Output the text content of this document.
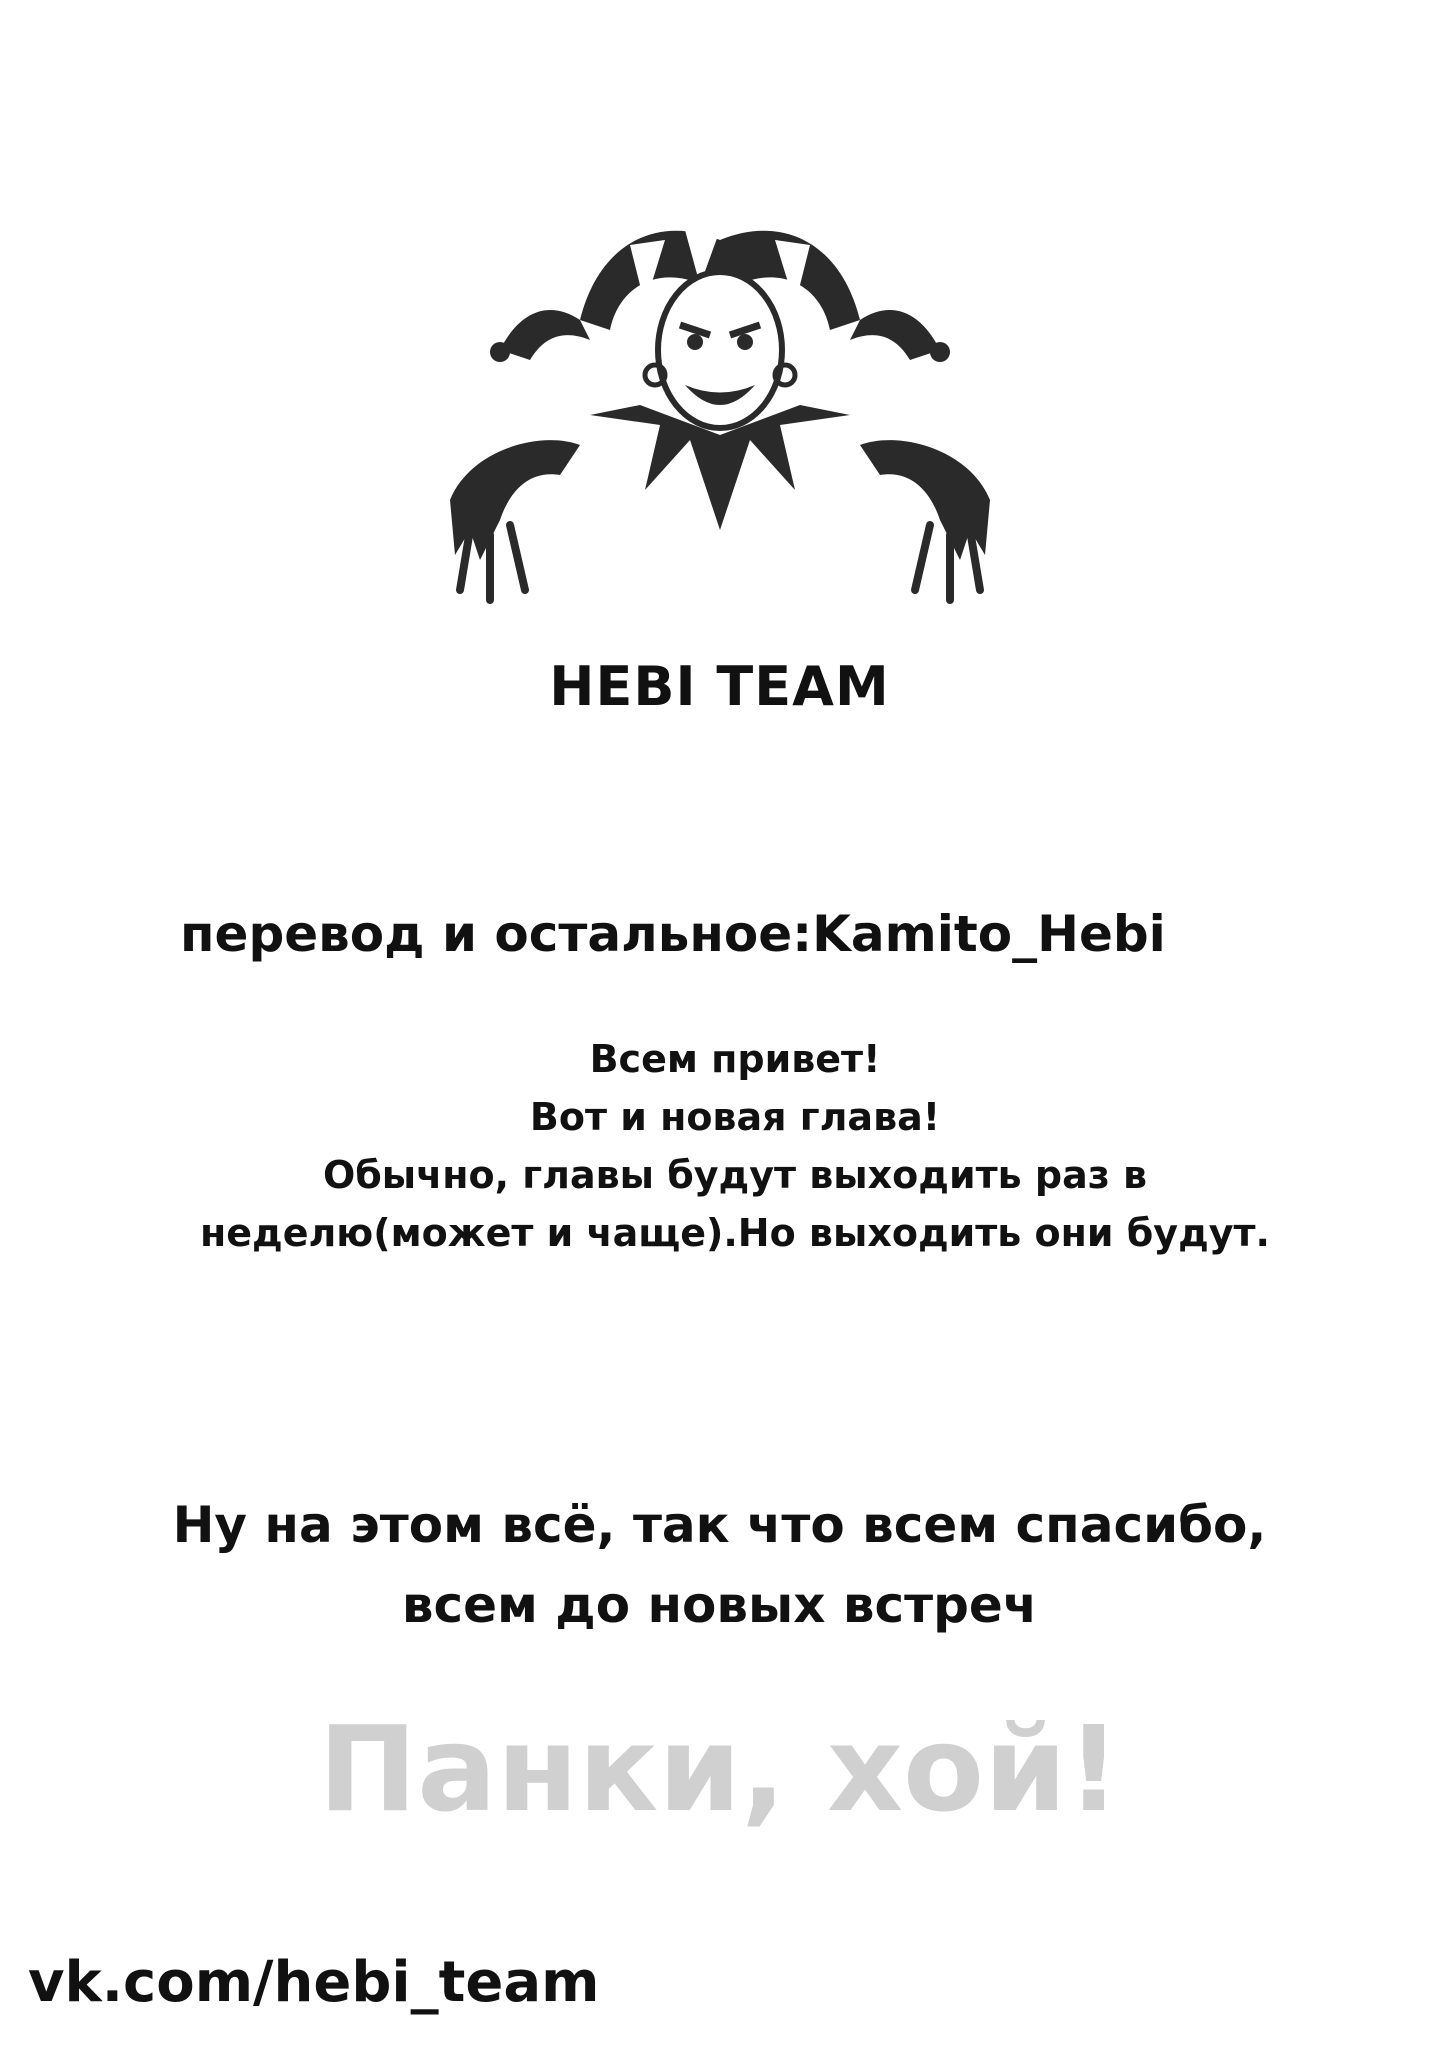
HEBI TEAM
перевод и остальное:Kamito_Hebi
Всем привет!
Вот и новая глава!
Обычно, главы будут выходить раз в
неделю(может и чаще).Но выходить они будут.
Ну на этом всё, так что всем спасибо,
всем до новых встреч
Панки, хой!
vk.com/hebi_team
